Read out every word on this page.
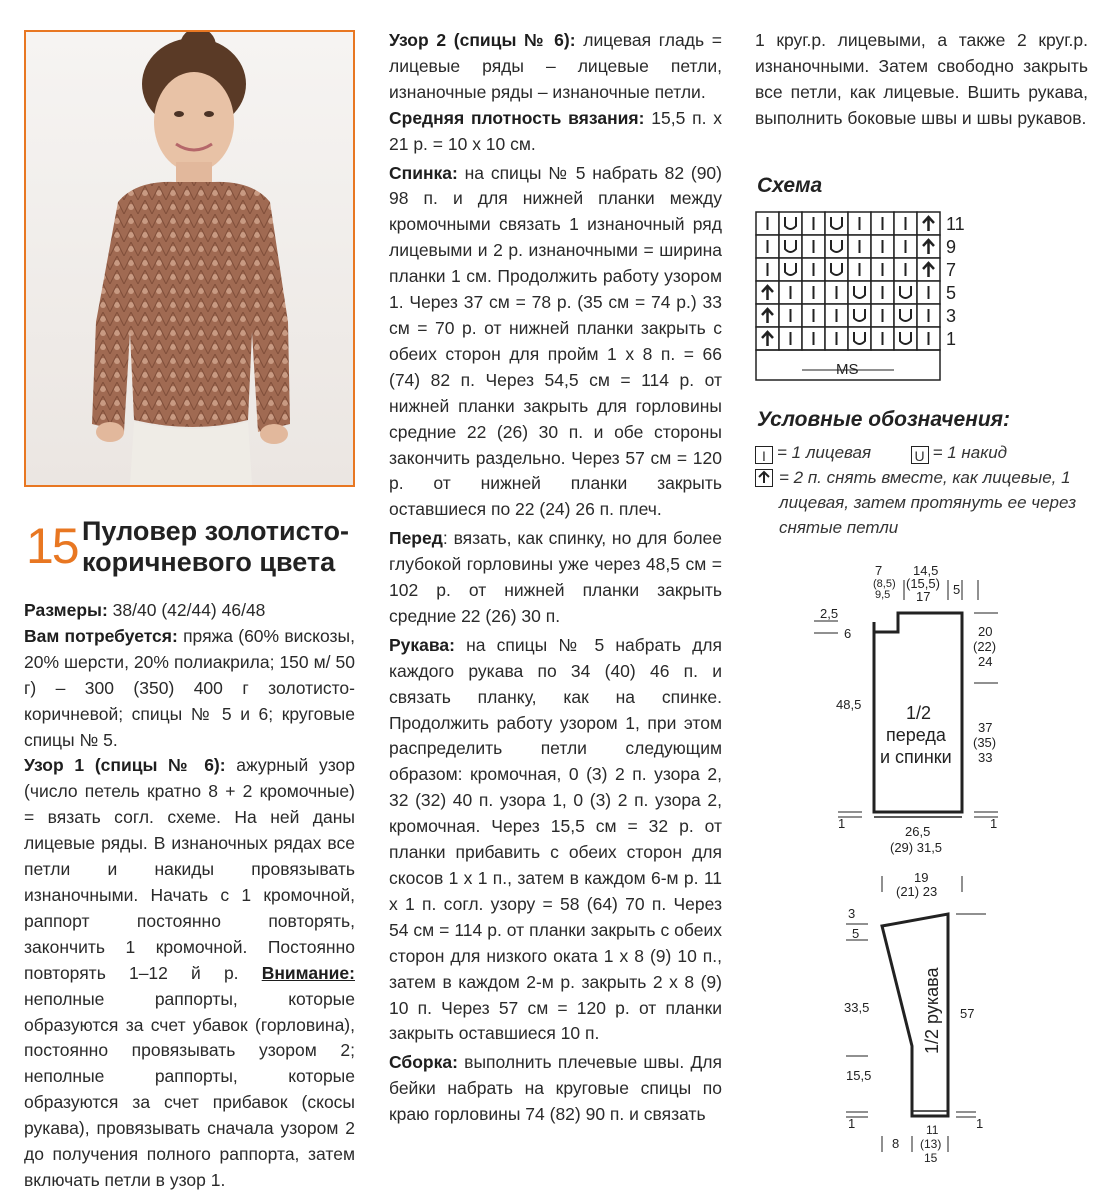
15 Пуловер золотисто-
коричневого цвета

Размеры: 38/40 (42/44) 46/48

Вам потребуется: пряжа (60% вискозы, 20% шерсти, 20% полиакрила; 150 м/ 50 г) – 300 (350) 400 г золотисто-коричневой; спицы № 5 и 6; круговые спицы № 5.

Узор 1 (спицы № 6): ажурный узор (число петель кратно 8 + 2 кромочные) = вязать согл. схеме. На ней даны лицевые ряды. В изнаночных рядах все петли и накиды провязывать изнаночными. Начать с 1 кромочной, раппорт постоянно повторять, закончить 1 кромочной. Постоянно повторять 1–12 й р. Внимание: неполные раппорты, которые образуются за счет убавок (горловина), постоянно провязывать узором 2; неполные раппорты, которые образуются за счет прибавок (скосы рукава), провязывать сначала узором 2 до получения полного раппорта, затем включать петли в узор 1.

Узор 2 (спицы № 6): лицевая гладь = лицевые ряды – лицевые петли, изнаночные ряды – изнаночные петли.

Средняя плотность вязания: 15,5 п. х 21 р. = 10 х 10 см.

Спинка: на спицы № 5 набрать 82 (90) 98 п. и для нижней планки между кромочными связать 1 изнаночный ряд лицевыми и 2 р. изнаночными = ширина планки 1 см. Продолжить работу узором 1. Через 37 см = 78 р. (35 см = 74 р.) 33 см = 70 р. от нижней планки закрыть с обеих сторон для пройм 1 х 8 п. = 66 (74) 82 п. Через 54,5 см = 114 р. от нижней планки закрыть для горловины средние 22 (26) 30 п. и обе стороны закончить раздельно. Через 57 см = 120 р. от нижней планки закрыть оставшиеся по 22 (24) 26 п. плеч.

Перед: вязать, как спинку, но для более глубокой горловины уже через 48,5 см = 102 р. от нижней планки закрыть средние 22 (26) 30 п.

Рукава: на спицы № 5 набрать для каждого рукава по 34 (40) 46 п. и связать планку, как на спинке. Продолжить работу узором 1, при этом распределить петли следующим образом: кромочная, 0 (3) 2 п. узора 2, 32 (32) 40 п. узора 1, 0 (3) 2 п. узора 2, кромочная. Через 15,5 см = 32 р. от планки прибавить с обеих сторон для скосов 1 х 1 п., затем в каждом 6-м р. 11 х 1 п. согл. узору = 58 (64) 70 п. Через 54 см = 114 р. от планки закрыть с обеих сторон для низкого оката 1 х 8 (9) 10 п., затем в каждом 2-м р. закрыть 2 х 8 (9) 10 п. Через 57 см = 120 р. от планки закрыть оставшиеся 10 п.

Сборка: выполнить плечевые швы. Для бейки набрать на круговые спицы по краю горловины 74 (82) 90 п. и связать

1 круг.р. лицевыми, а также 2 круг.р. изнаночными. Затем свободно закрыть все петли, как лицевые. Вшить рукава, выполнить боковые швы и швы рукавов.

Схема
11
9
7
5
3
1
MS
Условные обозначения:
I = 1 лицевая	U = 1 накид
= 2 п. снять вместе, как лицевые, 1 лицевая, затем протянуть ее через снятые петли
7
(8,5)
9,5
14,5
(15,5)
17 5
2,5
6
48,5
1
20
(22)
24
37
(35)
33
1
1/2
переда
и спинки
26,5
(29) 31,5
19
(21) 23
3
5
33,5
15,5
1
57
1
8
11
(13)
15
1/2 рукава
